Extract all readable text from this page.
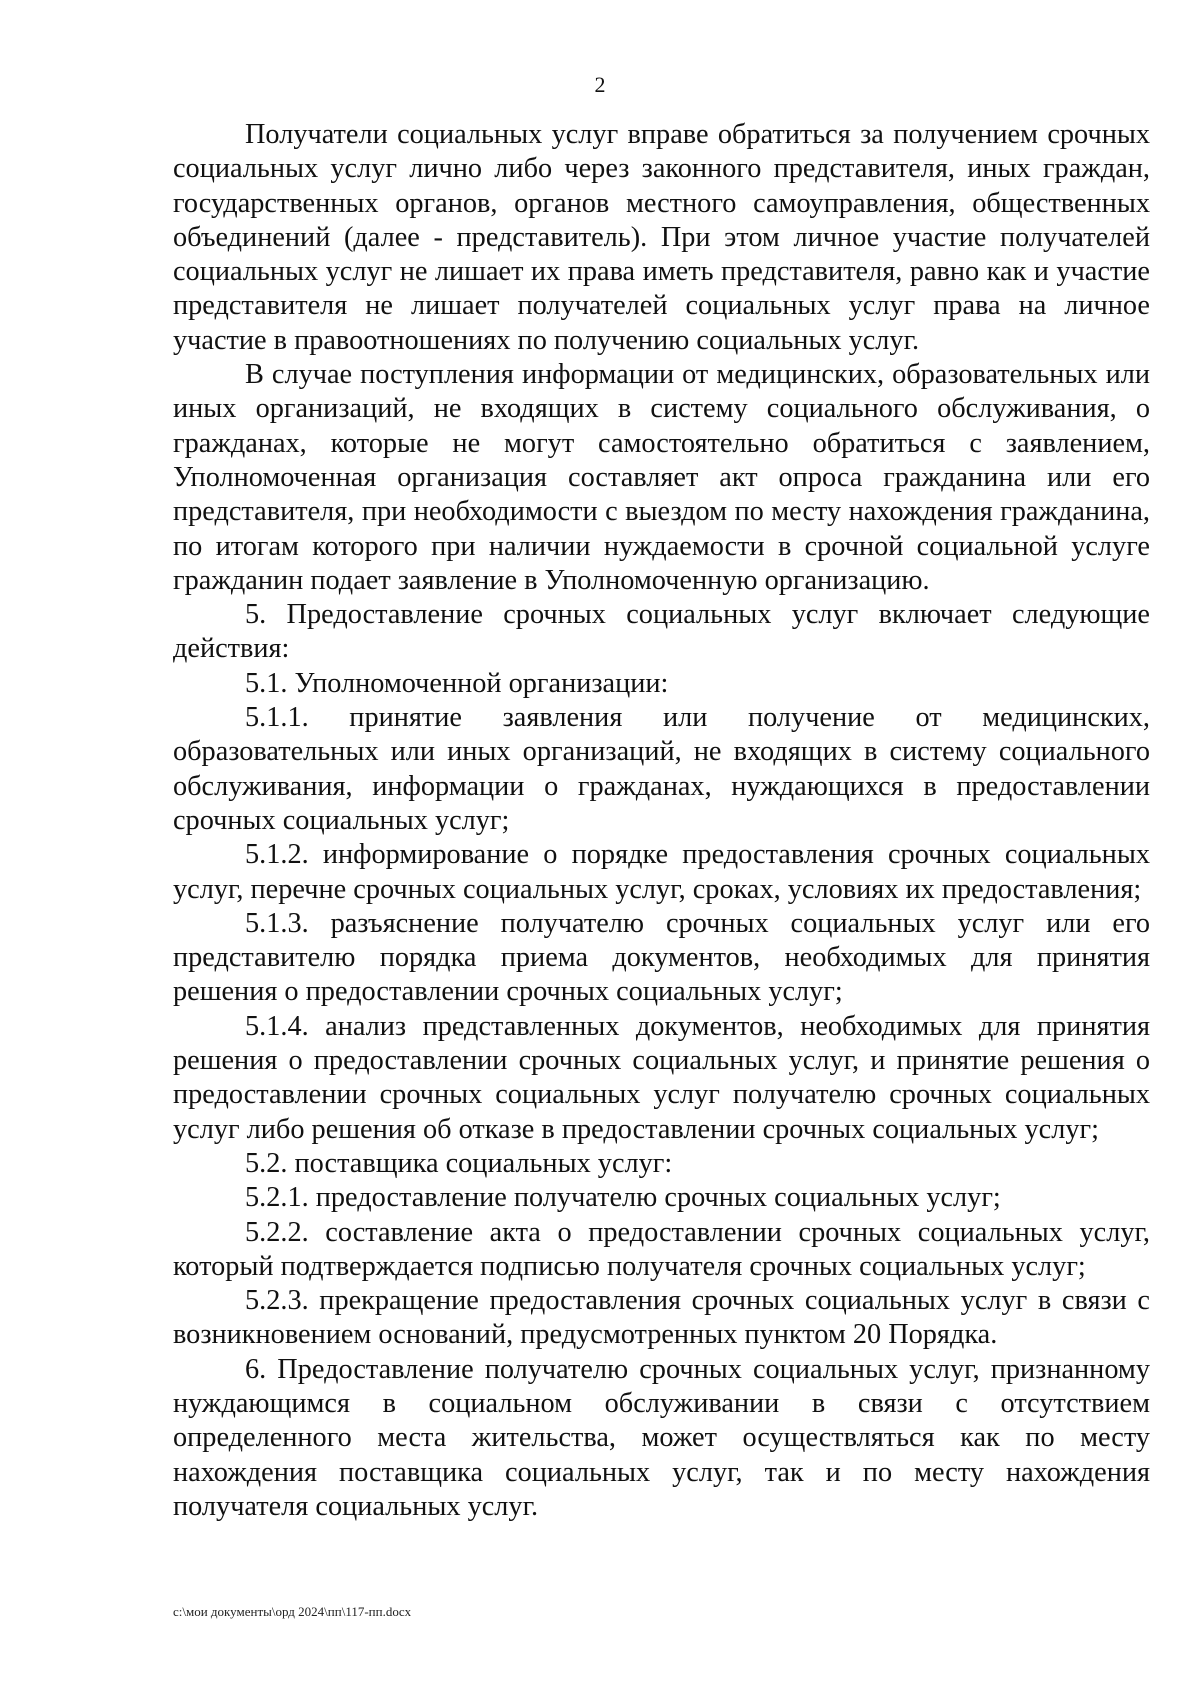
2

Получатели социальных услуг вправе обратиться за получением срочных социальных услуг лично либо через законного представителя, иных граждан, государственных органов, органов местного самоуправления, общественных объединений (далее - представитель). При этом личное участие получателей социальных услуг не лишает их права иметь представителя, равно как и участие представителя не лишает получателей социальных услуг права на личное участие в правоотношениях по получению социальных услуг.

В случае поступления информации от медицинских, образовательных или иных организаций, не входящих в систему социального обслуживания, о гражданах, которые не могут самостоятельно обратиться с заявлением, Уполномоченная организация составляет акт опроса гражданина или его представителя, при необходимости с выездом по месту нахождения гражданина, по итогам которого при наличии нуждаемости в срочной социальной услуге гражданин подает заявление в Уполномоченную организацию.

5. Предоставление срочных социальных услуг включает следующие действия:

5.1. Уполномоченной организации:

5.1.1. принятие заявления или получение от медицинских, образовательных или иных организаций, не входящих в систему социального обслуживания, информации о гражданах, нуждающихся в предоставлении срочных социальных услуг;

5.1.2. информирование о порядке предоставления срочных социальных услуг, перечне срочных социальных услуг, сроках, условиях их предоставления;

5.1.3. разъяснение получателю срочных социальных услуг или его представителю порядка приема документов, необходимых для принятия решения о предоставлении срочных социальных услуг;

5.1.4. анализ представленных документов, необходимых для принятия решения о предоставлении срочных социальных услуг, и принятие решения о предоставлении срочных социальных услуг получателю срочных социальных услуг либо решения об отказе в предоставлении срочных социальных услуг;

5.2. поставщика социальных услуг:

5.2.1. предоставление получателю срочных социальных услуг;

5.2.2. составление акта о предоставлении срочных социальных услуг, который подтверждается подписью получателя срочных социальных услуг;

5.2.3. прекращение предоставления срочных социальных услуг в связи с возникновением оснований, предусмотренных пунктом 20 Порядка.

6. Предоставление получателю срочных социальных услуг, признанному нуждающимся в социальном обслуживании в связи с отсутствием определенного места жительства, может осуществляться как по месту нахождения поставщика социальных услуг, так и по месту нахождения получателя социальных услуг.

с:\мои документы\орд 2024\пп\117-пп.docx
